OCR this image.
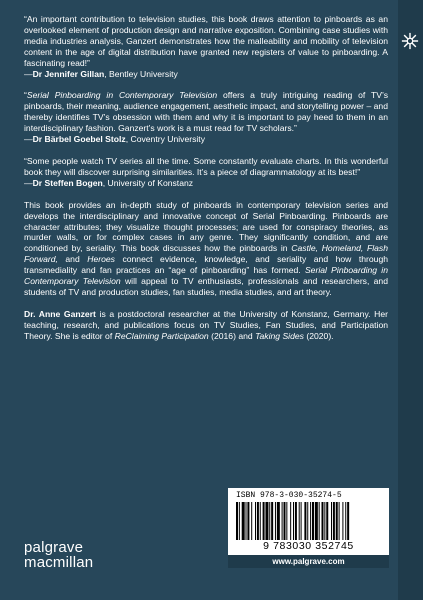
“An important contribution to television studies, this book draws attention to pinboards as an overlooked element of production design and narrative exposition. Combining case studies with media industries analysis, Ganzert demonstrates how the malleability and mobility of television content in the age of digital distribution have granted new registers of value to pinboarding. A fascinating read!”
—Dr Jennifer Gillan, Bentley University

“Serial Pinboarding in Contemporary Television offers a truly intriguing reading of TV’s pinboards, their meaning, audience engagement, aesthetic impact, and storytelling power – and thereby identifies TV’s obsession with them and why it is important to pay heed to them in an interdisciplinary fashion. Ganzert’s work is a must read for TV scholars.”
—Dr Bärbel Goebel Stolz, Coventry University

“Some people watch TV series all the time. Some constantly evaluate charts. In this wonderful book they will discover surprising similarities. It’s a piece of diagrammatology at its best!”
—Dr Steffen Bogen, University of Konstanz

This book provides an in-depth study of pinboards in contemporary television series and develops the interdisciplinary and innovative concept of Serial Pinboarding. Pinboards are character attributes; they visualize thought processes; are used for conspiracy theories, as murder walls, or for complex cases in any genre. They significantly condition, and are conditioned by, seriality. This book discusses how the pinboards in Castle, Homeland, Flash Forward, and Heroes connect evidence, knowledge, and seriality and how through transmediality and fan practices an “age of pinboarding” has formed. Serial Pinboarding in Contemporary Television will appeal to TV enthusiasts, professionals and researchers, and students of TV and production studies, fan studies, media studies, and art theory.

Dr. Anne Ganzert is a postdoctoral researcher at the University of Konstanz, Germany. Her teaching, research, and publications focus on TV Studies, Fan Studies, and Participation Theory. She is editor of ReClaiming Participation (2016) and Taking Sides (2020).

ISBN 978-3-030-35274-5
9 783030 352745
www.palgrave.com
palgrave
macmillan
